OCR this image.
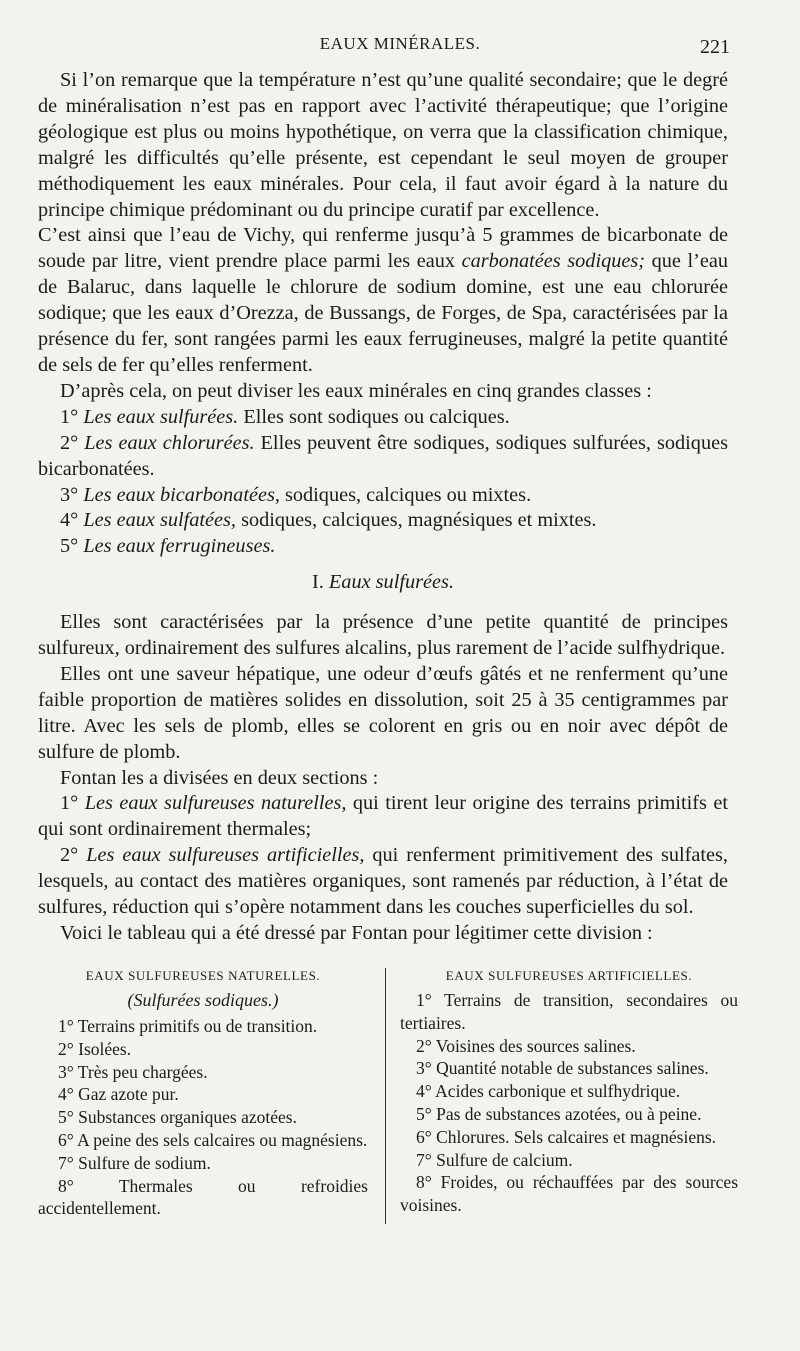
EAUX MINÉRALES.	221

Si l’on remarque que la température n’est qu’une qualité secondaire; que le degré de minéralisation n’est pas en rapport avec l’activité thérapeutique; que l’origine géologique est plus ou moins hypothétique, on verra que la classification chimique, malgré les difficultés qu’elle présente, est cependant le seul moyen de grouper méthodiquement les eaux minérales. Pour cela, il faut avoir égard à la nature du principe chimique prédominant ou du principe curatif par excellence.

C’est ainsi que l’eau de Vichy, qui renferme jusqu’à 5 grammes de bicarbonate de soude par litre, vient prendre place parmi les eaux carbonatées sodiques; que l’eau de Balaruc, dans laquelle le chlorure de sodium domine, est une eau chlorurée sodique; que les eaux d’Orezza, de Bussangs, de Forges, de Spa, caractérisées par la présence du fer, sont rangées parmi les eaux ferrugineuses, malgré la petite quantité de sels de fer qu’elles renferment.

D’après cela, on peut diviser les eaux minérales en cinq grandes classes :

1° Les eaux sulfurées. Elles sont sodiques ou calciques.

2° Les eaux chlorurées. Elles peuvent être sodiques, sodiques sulfurées, sodiques bicarbonatées.

3° Les eaux bicarbonatées, sodiques, calciques ou mixtes.

4° Les eaux sulfatées, sodiques, calciques, magnésiques et mixtes.

5° Les eaux ferrugineuses.

I. Eaux sulfurées.

Elles sont caractérisées par la présence d’une petite quantité de principes sulfureux, ordinairement des sulfures alcalins, plus rarement de l’acide sulfhydrique.

Elles ont une saveur hépatique, une odeur d’œufs gâtés et ne renferment qu’une faible proportion de matières solides en dissolution, soit 25 à 35 centigrammes par litre. Avec les sels de plomb, elles se colorent en gris ou en noir avec dépôt de sulfure de plomb.

Fontan les a divisées en deux sections :

1° Les eaux sulfureuses naturelles, qui tirent leur origine des terrains primitifs et qui sont ordinairement thermales;

2° Les eaux sulfureuses artificielles, qui renferment primitivement des sulfates, lesquels, au contact des matières organiques, sont ramenés par réduction, à l’état de sulfures, réduction qui s’opère notamment dans les couches superficielles du sol.

Voici le tableau qui a été dressé par Fontan pour légitimer cette division :

EAUX SULFUREUSES NATURELLES.
(Sulfurées sodiques.)
1° Terrains primitifs ou de transition.
2° Isolées.
3° Très peu chargées.
4° Gaz azote pur.
5° Substances organiques azotées.
6° A peine des sels calcaires ou magnésiens.
7° Sulfure de sodium.
8° Thermales ou refroidies accidentellement.
EAUX SULFUREUSES ARTIFICIELLES.
1° Terrains de transition, secondaires ou tertiaires.
2° Voisines des sources salines.
3° Quantité notable de substances salines.
4° Acides carbonique et sulfhydrique.
5° Pas de substances azotées, ou à peine.
6° Chlorures. Sels calcaires et magnésiens.
7° Sulfure de calcium.
8° Froides, ou réchauffées par des sources voisines.
